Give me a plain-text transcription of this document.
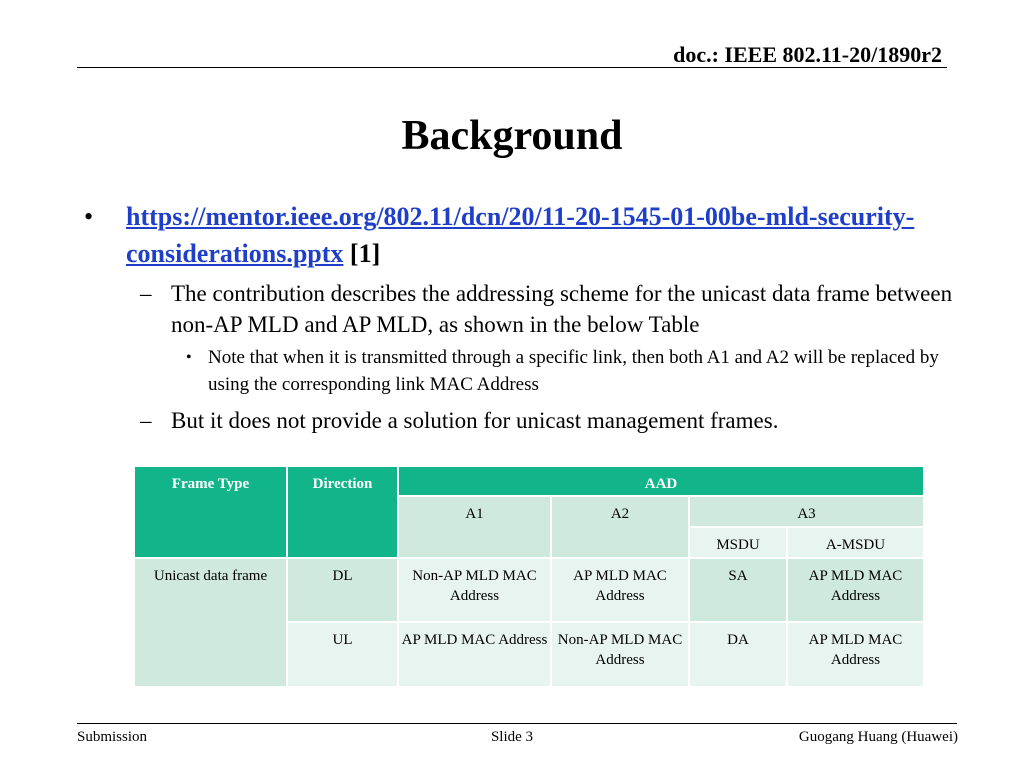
doc.: IEEE 802.11-20/1890r2
Background
• https://mentor.ieee.org/802.11/dcn/20/11-20-1545-01-00be-mld-security-considerations.pptx [1]
– The contribution describes the addressing scheme for the unicast data frame between non-AP MLD and AP MLD, as shown in the below Table
• Note that when it is transmitted through a specific link, then both A1 and A2 will be replaced by using the corresponding link MAC Address
– But it does not provide a solution for unicast management frames.
Frame Type	Direction	AAD			
		A1	A2	A3	
				MSDU	A-MSDU
Unicast data frame	DL	Non-AP MLD MAC Address	AP MLD MAC Address	SA	AP MLD MAC Address
	UL	AP MLD MAC Address	Non-AP MLD MAC Address	DA	AP MLD MAC Address
Submission	Slide 3	Guogang Huang (Huawei)
